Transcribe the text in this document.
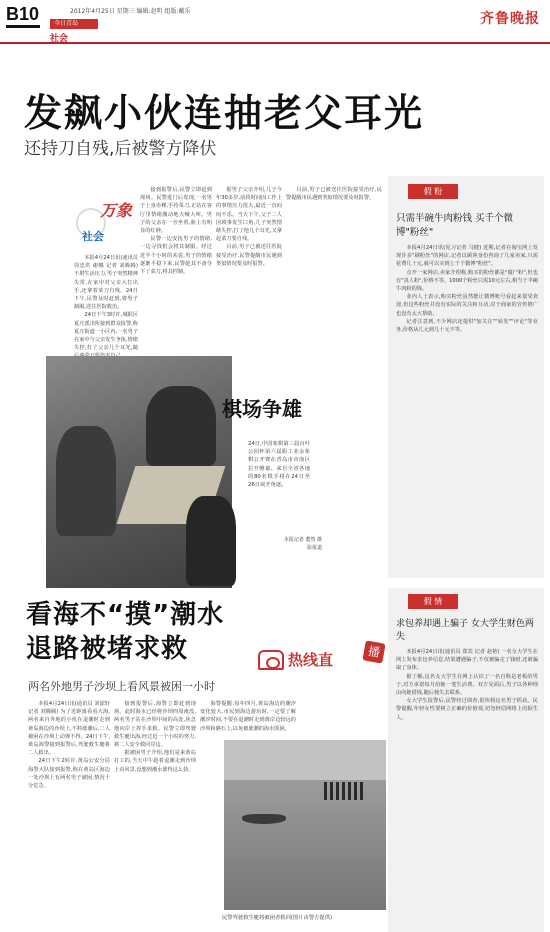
B10	2012年4月25日 星期三 编辑:赵明 组版:戴乐
今日青岛
社会
齐鲁晚报
发飙小伙连抽老父耳光
还持刀自残,后被警方降伏
万象
社会

本报4月24日讯(通讯员 周忠洪 谢娜 记者 刘腾腾) 不堪生活压力,男子突然精神失常,在家中对父亲大打出手,还拿着菜刀自残。24日下午,民警及时赶到,将男子制服,送往医院救治。

24日下午3时许,城阳区夏庄派出所接到群众报警,称夏庄街道一小区内,一名男子在家中与父亲发生争执,情绪失控,打了父亲几个耳光,随

接到报警后,民警立即赶到现场。民警进门后发现,一名男子上身赤裸,手持菜刀,正站在客厅里情绪激动地大喊大叫。男子的父亲在一旁坐着,脸上有明显的红肿。

民警一边安抚男子的情绪,一边寻找机会将其制服。经过近半个小时的劝说,男子的情绪逐渐平稳下来,民警趁其不备夺下了菜刀,将其控制。

据男子父亲介绍,儿子今年30多岁,前段时间因工作上的事情压力很大,最近一直闷闷不乐。当天下午,父子二人因琐事发生口角,儿子突然情绪失控,打了他几个耳光,又拿起菜刀要自残。

目前,男子已被送往医院接受治疗,民警提醒市民遇到类似情况要及时报警。

目前,男子已被送往医院接受治疗,民警提醒市民遇到类似情况要及时报警。

棋场争雄
24日,中国象棋第三届百叶公园杯第六届职工业余象棋公开赛在青岛市市南区拉开帷幕。来自全省各地的80名棋手将在24日至26日展开角逐。
本报记者 董然 摄影报道
假 粉
只需半碗牛肉粉钱 买千个微博"粉丝"

本报4月24日讯(见习记者 马健) 近期,记者在淘宝网上发现许多"刷粉丝"的网店,记者以顾客身份咨询了几家卖家,只需花费几十元,就可以买到上千个微博"粉丝"。

点开一家网店,卖家介绍称,购买的粉丝都是"僵尸粉",但也有"真人粉",价格不等。1000个粉丝只需10元左右,相当于半碗牛肉粉的钱。

业内人士表示,购买粉丝虽然能让微博账号看起来很受欢迎,但这些粉丝并没有实际的关注和互动,对于商家的宣传推广也没有太大帮助。

记者注意到,不少网店还提供"加关注""转发""评论"等业务,价格从几元到几十元不等。

假 情
求包养却遇上骗子 女大学生财色两失

本报4月24日讯(通讯员 郑宾 记者 赵艳) 一名女大学生在网上发布求包养信息,结果遭遇骗子,不仅被骗走了钱财,还被骗取了身体。

据了解,这名女大学生在网上认识了一名自称是老板的男子,对方承诺每月给她一笔生活费。双方见面后,男子以各种理由向她借钱,随后便失去联系。

女大学生报警后,民警经过调查,很快将这名男子抓获。民警提醒,年轻女性要树立正确的价值观,切勿轻信网络上的陌生人。

看海不“摸”潮水
退路被堵求救
两名外地男子沙坝上看风景被困一小时
热线直	播

本报4月24日讯(通讯员 刘韶轩 记者 刘腾腾) 为了近距离看看大海,两名来自外地的小伙在退潮时走到黄岛海边的沙坝上,不料涨潮后,二人被困在沙坝上动弹不得。24日下午,黄岛海警接到报警后,驾驶救生艇将二人救出。

24日下午2时许,黄岛公安分局海警大队接到报警,称在黄岛区海边一处沙坝上有两名男子被困,情况十分危急。

接到报警后,海警立即赶到现场。此时海水已经将沙坝四周淹没,两名男子站在沙坝中间的高处,焦急地向岸上挥手求救。民警立即驾驶救生艇出海,经过近一个小时的努力,将二人安全救回岸边。

据被困男子介绍,他们是来黄岛打工的,当天中午趁着退潮走到沙坝上看风景,没想到潮水涨得这么快。

海警提醒:每年四月,黄岛海边的潮汐变化较大,市民到海边游玩时,一定要了解潮汐时间,不要在退潮时走到离岸边较远的沙坝和礁石上,以免被涨潮的海水围困。

民警驾驶救生艇将被困者救回(图片由警方提供)
